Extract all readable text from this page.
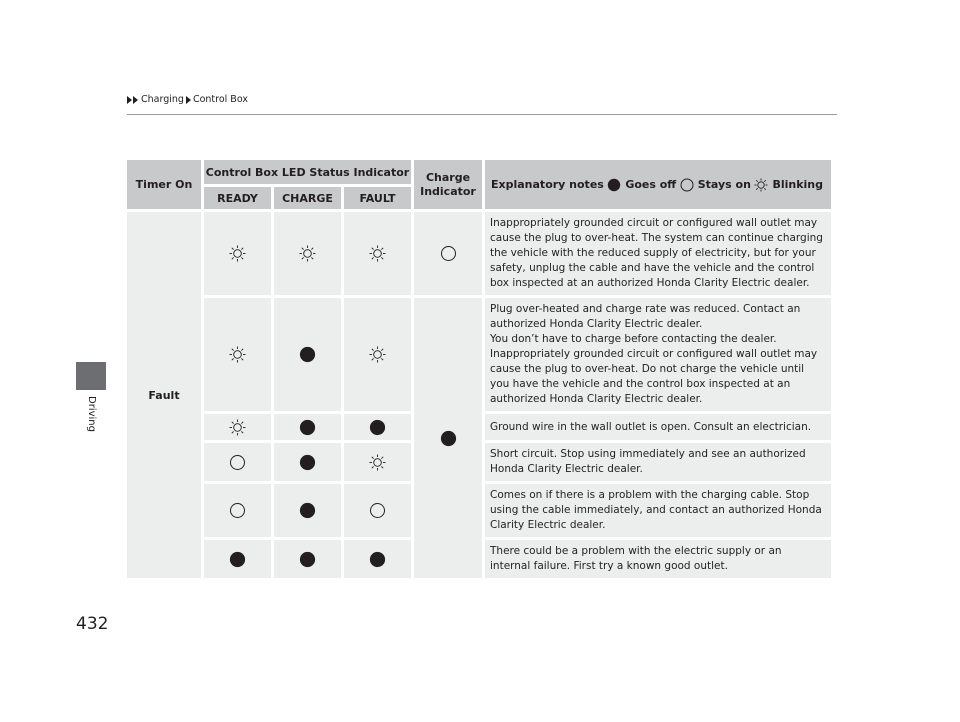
Charging Control Box
Driving
432
Timer On	Control Box LED Status Indicator			Charge Indicator	Explanatory notes Goes off Stays on Blinking

	READY	CHARGE	FAULT		
Fault					Inappropriately grounded circuit or configured wall outlet may cause the plug to over-heat. The system can continue charging the vehicle with the reduced supply of electricity, but for your safety, unplug the cable and have the vehicle and the control box inspected at an authorized Honda Clarity Electric dealer.
				Plug over-heated and charge rate was reduced. Contact an authorized Honda Clarity Electric dealer.
You don’t have to charge before contacting the dealer.
Inappropriately grounded circuit or configured wall outlet may cause the plug to over-heat. Do not charge the vehicle until you have the vehicle and the control box inspected at an authorized Honda Clarity Electric dealer.
			Ground wire in the wall outlet is open. Consult an electrician.
			Short circuit. Stop using immediately and see an authorized Honda Clarity Electric dealer.
			Comes on if there is a problem with the charging cable. Stop using the cable immediately, and contact an authorized Honda Clarity Electric dealer.
			There could be a problem with the electric supply or an internal failure. First try a known good outlet.
